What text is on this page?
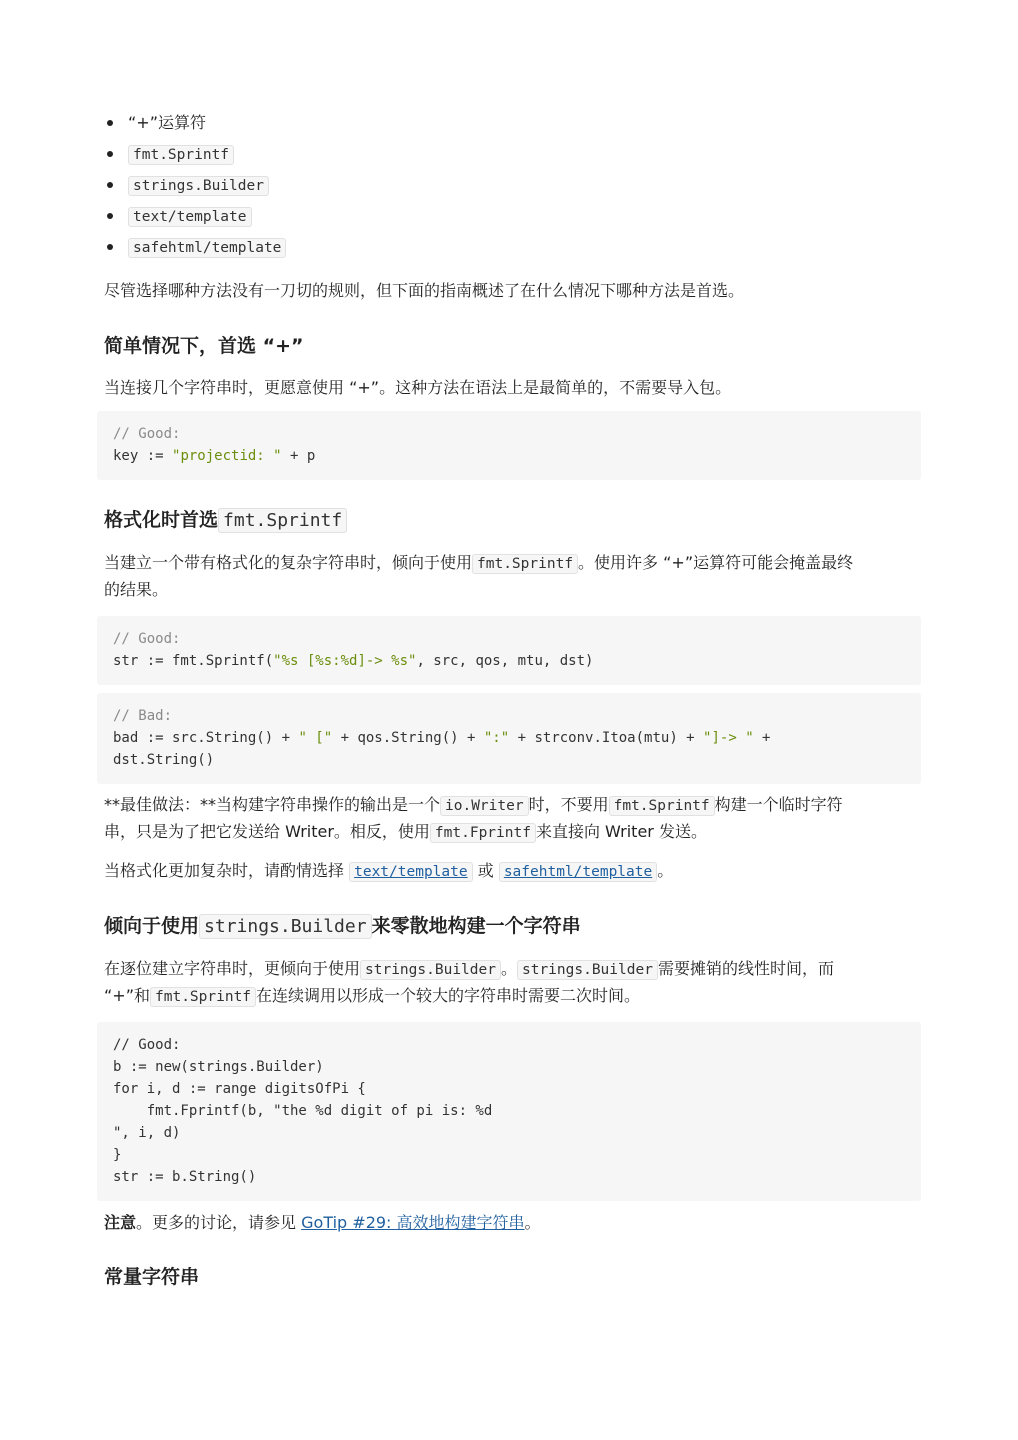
“+”运算符
fmt.Sprintf
strings.Builder
text/template
safehtml/template
尽管选择哪种方法没有一刀切的规则，但下面的指南概述了在什么情况下哪种方法是首选。
简单情况下，首选 “+”
当连接几个字符串时，更愿意使用 “+”。这种方法在语法上是最简单的，不需要导入包。
// Good:
key := "projectid: " + p
格式化时首选 fmt.Sprintf
当建立一个带有格式化的复杂字符串时，倾向于使用 fmt.Sprintf 。使用许多 “+”运算符可能会掩盖最终
的结果。
// Good:
str := fmt.Sprintf("%s [%s:%d]-> %s", src, qos, mtu, dst)
// Bad:
bad := src.String() + " [" + qos.String() + ":" + strconv.Itoa(mtu) + "]-> " +
dst.String()
**最佳做法：**当构建字符串操作的输出是一个 io.Writer 时，不要用 fmt.Sprintf 构建一个临时字符
串，只是为了把它发送给 Writer。相反，使用 fmt.Fprintf 来直接向 Writer 发送。
当格式化更加复杂时，请酌情选择 text/template 或 safehtml/template 。
倾向于使用 strings.Builder 来零散地构建一个字符串
在逐位建立字符串时，更倾向于使用 strings.Builder 。 strings.Builder 需要摊销的线性时间，而
“+”和 fmt.Sprintf 在连续调用以形成一个较大的字符串时需要二次时间。
// Good:
b := new(strings.Builder)
for i, d := range digitsOfPi {
fmt.Fprintf(b, "the %d digit of pi is: %d
", i, d)
}
str := b.String()
注意。更多的讨论，请参见 GoTip #29: 高效地构建字符串。
常量字符串
